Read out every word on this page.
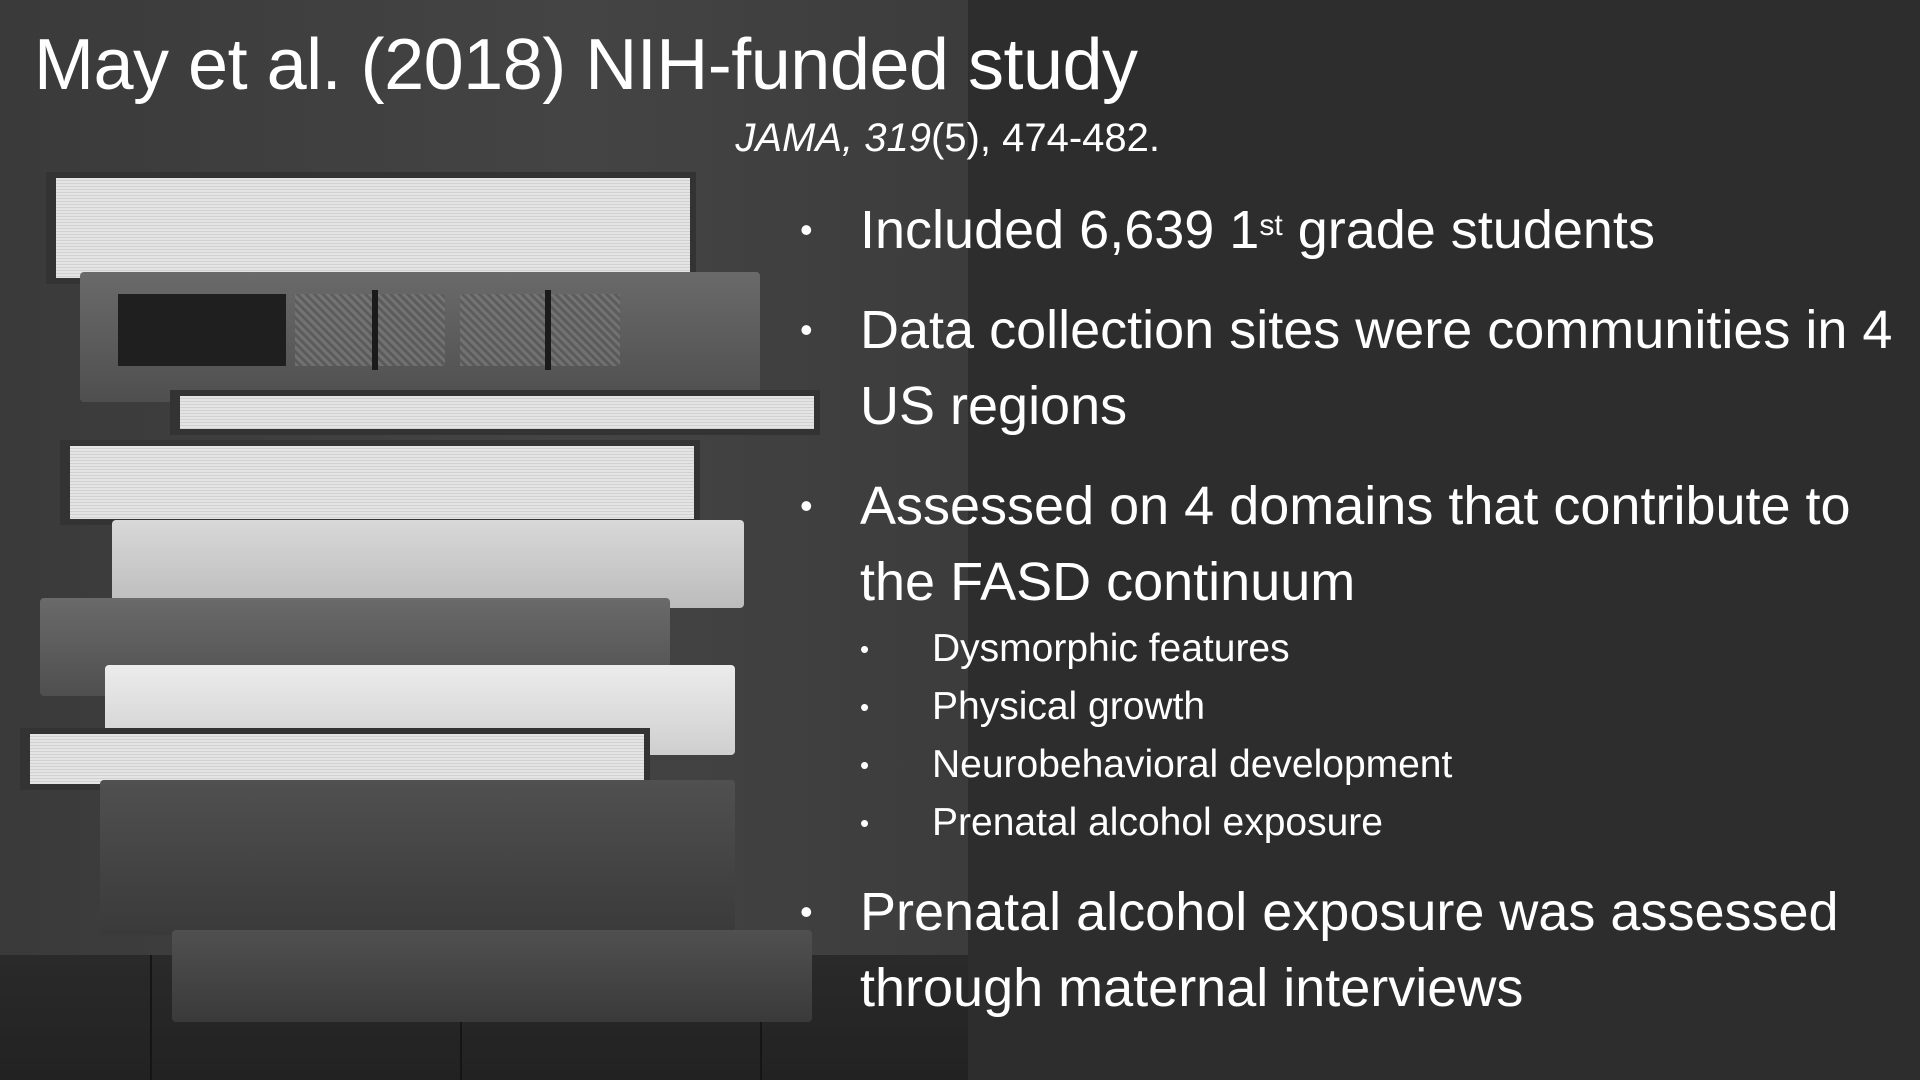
May et al. (2018) NIH-funded study
JAMA, 319(5), 474-482.
• Included 6,639 1st grade students
• Data collection sites were communities in 4 US regions
• Assessed on 4 domains that contribute to the FASD continuum
• Dysmorphic features
• Physical growth
• Neurobehavioral development
• Prenatal alcohol exposure
• Prenatal alcohol exposure was assessed through maternal interviews
